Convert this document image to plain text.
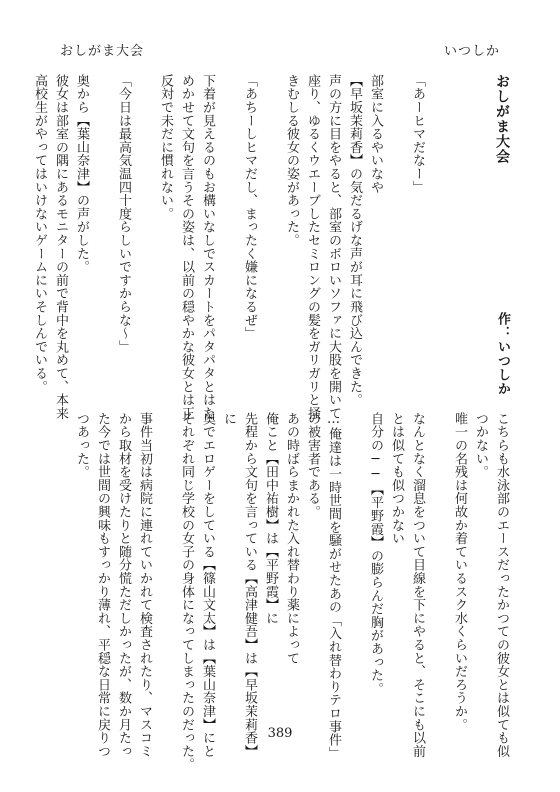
おしがま大会	いつしか
おしがま大会
作：いつしか

「あーヒマだなー」

部室に入るやいなや
【早坂茉莉香】の気だるげな声が耳に飛び込んできた。
声の方に目をやると、部室のボロいソファに大股を開いて
座り、ゆるくウエーブしたセミロングの髪をガリガリと掻
きむしる彼女の姿があった。

「あちーしヒマだし、まったく嫌になるぜ」

下着が見えるのもお構いなしでスカートをパタパタとはた
めかせて文句を言うその姿は、以前の穏やかな彼女とは正
反対で未だに慣れない。

「今日は最高気温四十度らしいですからな〜」

奥から【葉山奈津】の声がした。
彼女は部室の隅にあるモニターの前で背中を丸めて、本来
高校生がやってはいけないゲームにいそしんでいる。
こちらも水泳部のエースだったかつての彼女とは似ても似
つかない。
唯一の名残は何故か着ているスク水くらいだろうか。

なんとなく溜息をついて目線を下にやると、そこにも以前
とは似ても似つかない
自分の──【平野霞】の膨らんだ胸があった。

…俺達は一時世間を騒がせたあの「入れ替わりテロ事件」
の被害者である。
あの時ばらまかれた入れ替わり薬によって
俺こと【田中祐樹】は【平野霞】に
先程から文句を言っている【高津健吾】は【早坂茉莉香】
に
奥でエロゲーをしている【篠山文太】は【葉山奈津】にと
それぞれ同じ学校の女子の身体になってしまったのだった。

事件当初は病院に連れていかれて検査されたり、マスコミ
から取材を受けたりと随分慌ただしかったが、数か月たっ
た今では世間の興味もすっかり薄れ、平穏な日常に戻りつ
つあった。
389
